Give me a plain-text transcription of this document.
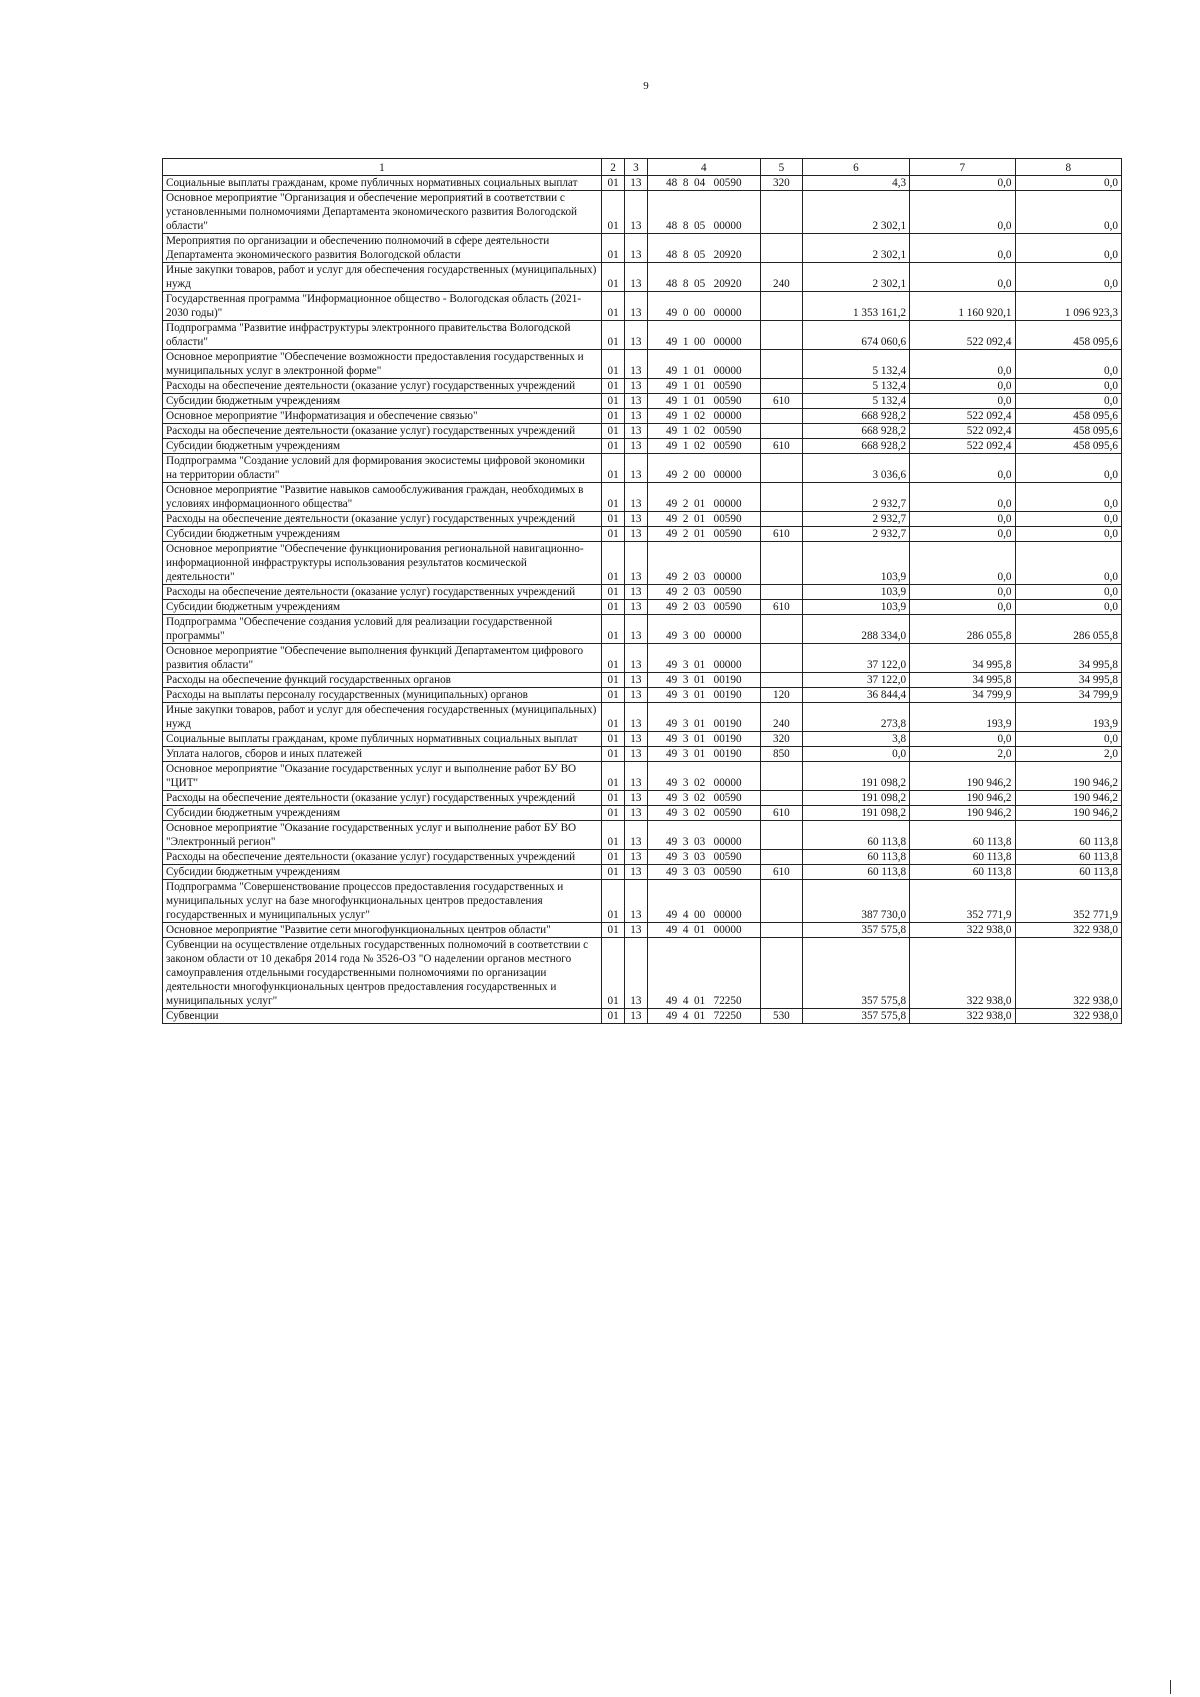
9
1	2	3	4	5	6	7	8
Социальные выплаты гражданам, кроме публичных нормативных социальных выплат	01	13	48  8  04   00590	320	4,3	0,0	0,0
Основное мероприятие "Организация и обеспечение мероприятий в соответствии с установленными полномочиями Департамента экономического развития Вологодской области"	01	13	48  8  05   00000		2 302,1	0,0	0,0
Мероприятия по организации и обеспечению полномочий в сфере деятельности Департамента экономического развития Вологодской области	01	13	48  8  05   20920		2 302,1	0,0	0,0
Иные закупки товаров, работ и услуг для обеспечения государственных (муниципальных) нужд	01	13	48  8  05   20920	240	2 302,1	0,0	0,0
Государственная программа "Информационное общество - Вологодская область (2021-2030 годы)"	01	13	49  0  00   00000		1 353 161,2	1 160 920,1	1 096 923,3
Подпрограмма "Развитие инфраструктуры электронного правительства Вологодской области"	01	13	49  1  00   00000		674 060,6	522 092,4	458 095,6
Основное мероприятие "Обеспечение возможности предоставления государственных и муниципальных услуг в электронной форме"	01	13	49  1  01   00000		5 132,4	0,0	0,0
Расходы на обеспечение деятельности (оказание услуг) государственных учреждений	01	13	49  1  01   00590		5 132,4	0,0	0,0
Субсидии бюджетным учреждениям	01	13	49  1  01   00590	610	5 132,4	0,0	0,0
Основное мероприятие "Информатизация и обеспечение связью"	01	13	49  1  02   00000		668 928,2	522 092,4	458 095,6
Расходы на обеспечение деятельности (оказание услуг) государственных учреждений	01	13	49  1  02   00590		668 928,2	522 092,4	458 095,6
Субсидии бюджетным учреждениям	01	13	49  1  02   00590	610	668 928,2	522 092,4	458 095,6
Подпрограмма "Создание условий для формирования экосистемы цифровой экономики на территории области"	01	13	49  2  00   00000		3 036,6	0,0	0,0
Основное мероприятие "Развитие навыков самообслуживания граждан, необходимых в условиях информационного общества"	01	13	49  2  01   00000		2 932,7	0,0	0,0
Расходы на обеспечение деятельности (оказание услуг) государственных учреждений	01	13	49  2  01   00590		2 932,7	0,0	0,0
Субсидии бюджетным учреждениям	01	13	49  2  01   00590	610	2 932,7	0,0	0,0
Основное мероприятие "Обеспечение функционирования региональной навигационно-информационной инфраструктуры использования результатов космической деятельности"	01	13	49  2  03   00000		103,9	0,0	0,0
Расходы на обеспечение деятельности (оказание услуг) государственных учреждений	01	13	49  2  03   00590		103,9	0,0	0,0
Субсидии бюджетным учреждениям	01	13	49  2  03   00590	610	103,9	0,0	0,0
Подпрограмма "Обеспечение создания условий для реализации государственной программы"	01	13	49  3  00   00000		288 334,0	286 055,8	286 055,8
Основное мероприятие "Обеспечение выполнения функций Департаментом цифрового развития области"	01	13	49  3  01   00000		37 122,0	34 995,8	34 995,8
Расходы на обеспечение функций государственных органов	01	13	49  3  01   00190		37 122,0	34 995,8	34 995,8
Расходы на выплаты персоналу государственных (муниципальных) органов	01	13	49  3  01   00190	120	36 844,4	34 799,9	34 799,9
Иные закупки товаров, работ и услуг для обеспечения государственных (муниципальных) нужд	01	13	49  3  01   00190	240	273,8	193,9	193,9
Социальные выплаты гражданам, кроме публичных нормативных социальных выплат	01	13	49  3  01   00190	320	3,8	0,0	0,0
Уплата налогов, сборов и иных платежей	01	13	49  3  01   00190	850	0,0	2,0	2,0
Основное мероприятие "Оказание государственных услуг и выполнение работ БУ ВО "ЦИТ"	01	13	49  3  02   00000		191 098,2	190 946,2	190 946,2
Расходы на обеспечение деятельности (оказание услуг) государственных учреждений	01	13	49  3  02   00590		191 098,2	190 946,2	190 946,2
Субсидии бюджетным учреждениям	01	13	49  3  02   00590	610	191 098,2	190 946,2	190 946,2
Основное мероприятие "Оказание государственных услуг и выполнение работ БУ ВО "Электронный регион"	01	13	49  3  03   00000		60 113,8	60 113,8	60 113,8
Расходы на обеспечение деятельности (оказание услуг) государственных учреждений	01	13	49  3  03   00590		60 113,8	60 113,8	60 113,8
Субсидии бюджетным учреждениям	01	13	49  3  03   00590	610	60 113,8	60 113,8	60 113,8
Подпрограмма "Совершенствование процессов предоставления государственных и муниципальных услуг на базе многофункциональных центров предоставления государственных и муниципальных услуг"	01	13	49  4  00   00000		387 730,0	352 771,9	352 771,9
Основное мероприятие "Развитие сети многофункциональных центров области"	01	13	49  4  01   00000		357 575,8	322 938,0	322 938,0
Субвенции на осуществление отдельных государственных полномочий в соответствии с законом области от 10 декабря 2014 года № 3526-ОЗ "О наделении органов местного самоуправления отдельными государственными полномочиями по организации деятельности многофункциональных центров предоставления государственных и муниципальных услуг"	01	13	49  4  01   72250		357 575,8	322 938,0	322 938,0
Субвенции	01	13	49  4  01   72250	530	357 575,8	322 938,0	322 938,0
